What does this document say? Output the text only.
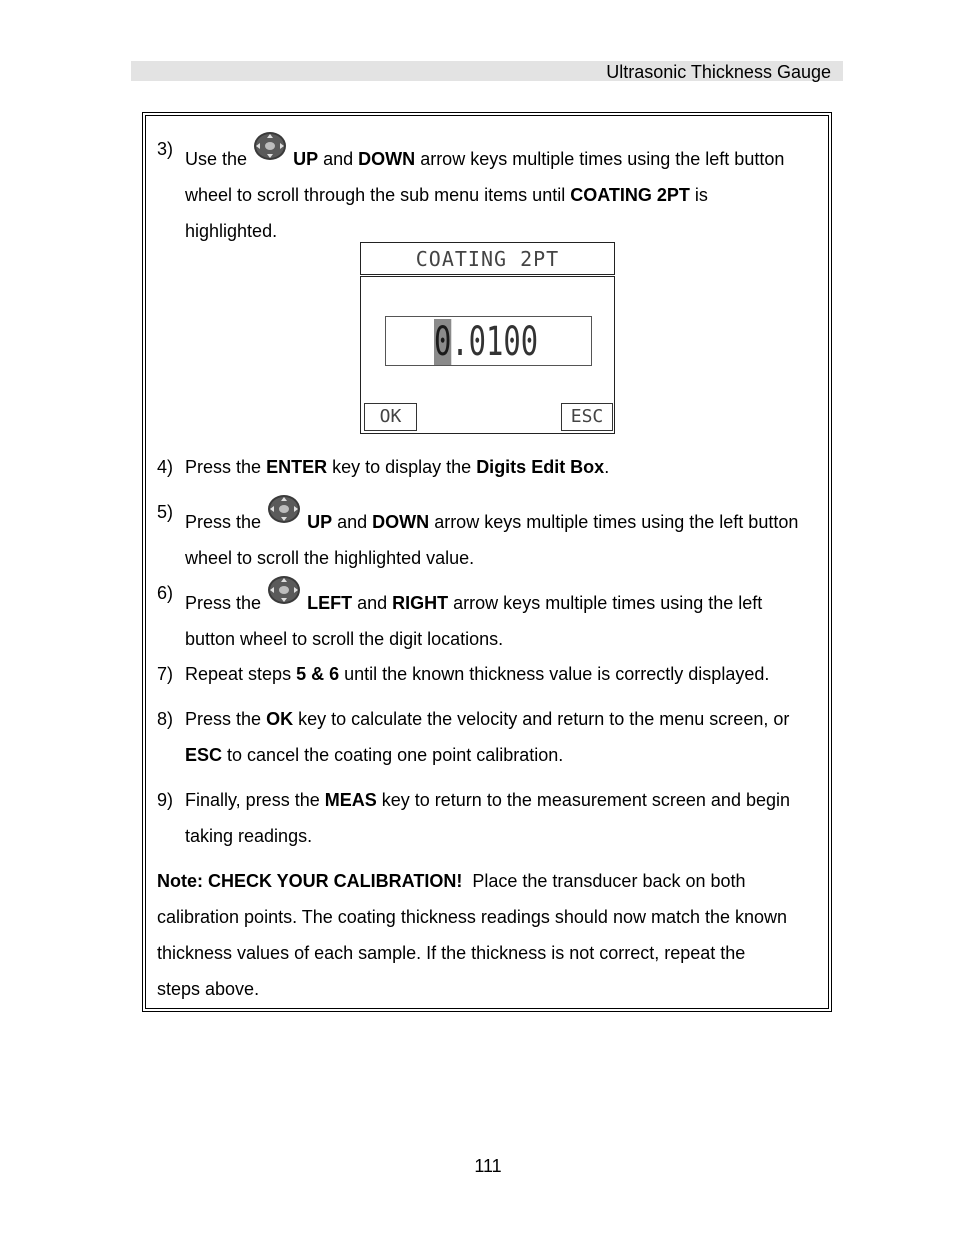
Ultrasonic Thickness Gauge
3) Use the	UP and DOWN arrow keys multiple times using the left button
wheel to scroll through the sub menu items until COATING 2PT is
highlighted.
COATING 2PT
0.0100
OK	ESC
4) Press the ENTER key to display the Digits Edit Box.
5) Press the	UP and DOWN arrow keys multiple times using the left button
wheel to scroll the highlighted value.
6) Press the	LEFT and RIGHT arrow keys multiple times using the left
button wheel to scroll the digit locations.
7) Repeat steps 5 & 6 until the known thickness value is correctly displayed.
8) Press the OK key to calculate the velocity and return to the menu screen, or
ESC to cancel the coating one point calibration.
9) Finally, press the MEAS key to return to the measurement screen and begin
taking readings.
Note: CHECK YOUR CALIBRATION! Place the transducer back on both
calibration points. The coating thickness readings should now match the known
thickness values of each sample. If the thickness is not correct, repeat the
steps above.
111
